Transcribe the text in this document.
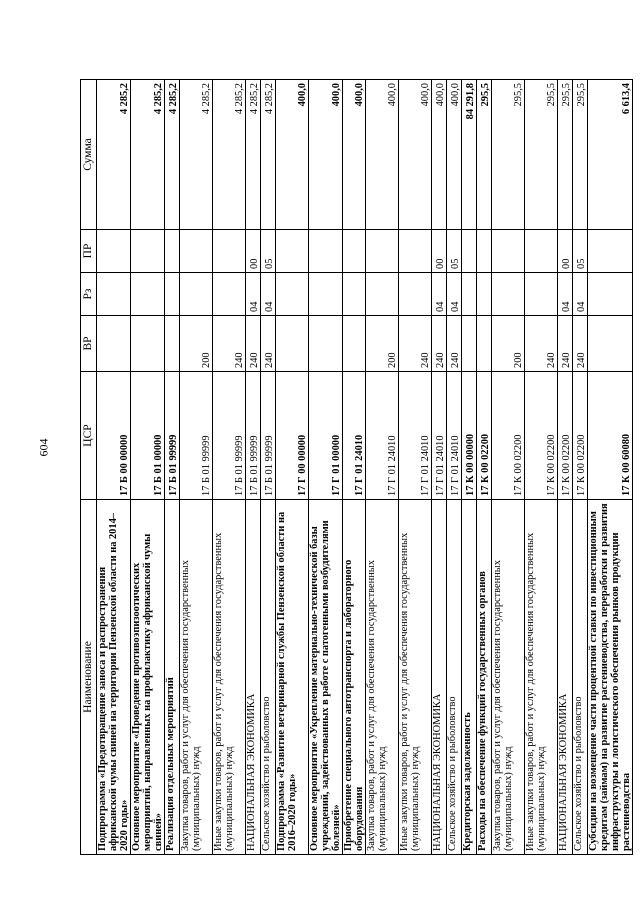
604
Наименование	ЦСР	ВР	Рз	ПР	Сумма
Подпрограмма «Предотвращение заноса и распространения африканской чумы свиней на территории Пензенской области на 2014–2020 годы»	17 Б 00 00000				4 285,2
Основное мероприятие «Проведение противоэпизоотических мероприятий, направленных на профилактику африканской чумы свиней»	17 Б 01 00000				4 285,2
Реализация отдельных мероприятий	17 Б 01 99999				4 285,2
Закупка товаров, работ и услуг для обеспечения государственных (муниципальных) нужд	17 Б 01 99999	200			4 285,2
Иные закупки товаров, работ и услуг для обеспечения государственных (муниципальных) нужд	17 Б 01 99999	240			4 285,2
НАЦИОНАЛЬНАЯ ЭКОНОМИКА	17 Б 01 99999	240	04	00	4 285,2
Сельское хозяйство и рыболовство	17 Б 01 99999	240	04	05	4 285,2
Подпрограмма «Развитие ветеринарной службы Пензенской области на 2016–2020 годы»	17 Г 00 00000				400,0
Основное мероприятие «Укрепление материально-технической базы учреждений, задействованных в работе с патогенными возбудителями болезней»	17 Г 01 00000				400,0
Приобретение специального автотранспорта и лабораторного оборудования	17 Г 01 24010				400,0
Закупка товаров, работ и услуг для обеспечения государственных (муниципальных) нужд	17 Г 01 24010	200			400,0
Иные закупки товаров, работ и услуг для обеспечения государственных (муниципальных) нужд	17 Г 01 24010	240			400,0
НАЦИОНАЛЬНАЯ ЭКОНОМИКА	17 Г 01 24010	240	04	00	400,0
Сельское хозяйство и рыболовство	17 Г 01 24010	240	04	05	400,0
Кредиторская задолженность	17 К 00 00000				84 291,8
Расходы на обеспечение функций государственных органов	17 К 00 02200				295,5
Закупка товаров, работ и услуг для обеспечения государственных (муниципальных) нужд	17 К 00 02200	200			295,5
Иные закупки товаров, работ и услуг для обеспечения государственных (муниципальных) нужд	17 К 00 02200	240			295,5
НАЦИОНАЛЬНАЯ ЭКОНОМИКА	17 К 00 02200	240	04	00	295,5
Сельское хозяйство и рыболовство	17 К 00 02200	240	04	05	295,5
Субсидии на возмещение части процентной ставки по инвестиционным кредитам (займам) на развитие растениеводства, переработки и развития инфраструктуры и логистического обеспечения рынков продукции растениеводства	17 К 00 60080				6 613,4
